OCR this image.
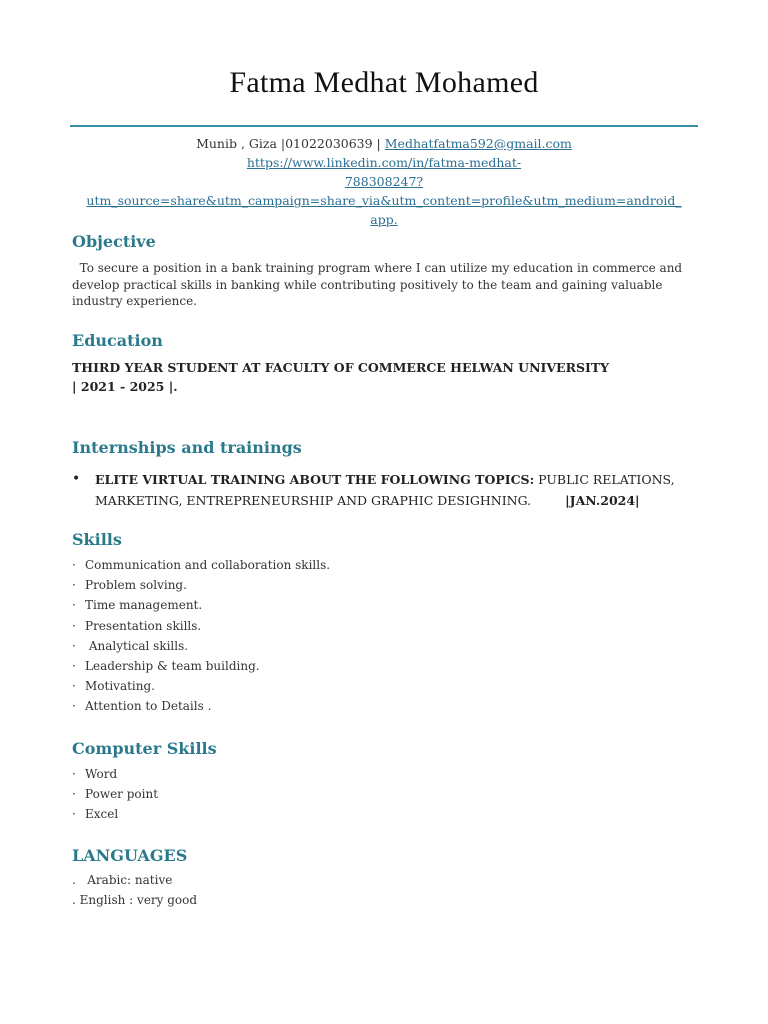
Fatma Medhat Mohamed
Munib , Giza |01022030639 | Medhatfatma592@gmail.com
https://www.linkedin.com/in/fatma-medhat-
788308247?utm_source=share&utm_campaign=share_via&utm_content=profile&utm_medium=android_
app.
Objective
To secure a position in a bank training program where I can utilize my education in commerce and develop practical skills in banking while contributing positively to the team and gaining valuable industry experience.
Education
THIRD YEAR STUDENT AT FACULTY OF COMMERCE HELWAN UNIVERSITY
| 2021 - 2025 |.
Internships and trainings
• ELITE VIRTUAL TRAINING ABOUT THE FOLLOWING TOPICS: PUBLIC RELATIONS,
MARKETING, ENTREPRENEURSHIP AND GRAPHIC DESIGHNING.	|JAN.2024|
Skills
· Communication and collaboration skills.
· Problem solving.
· Time management.
· Presentation skills.
· Analytical skills.
· Leadership & team building.
· Motivating.
· Attention to Details .
Computer Skills
· Word
· Power point
· Excel
LANGUAGES
.   Arabic: native
. English : very good
